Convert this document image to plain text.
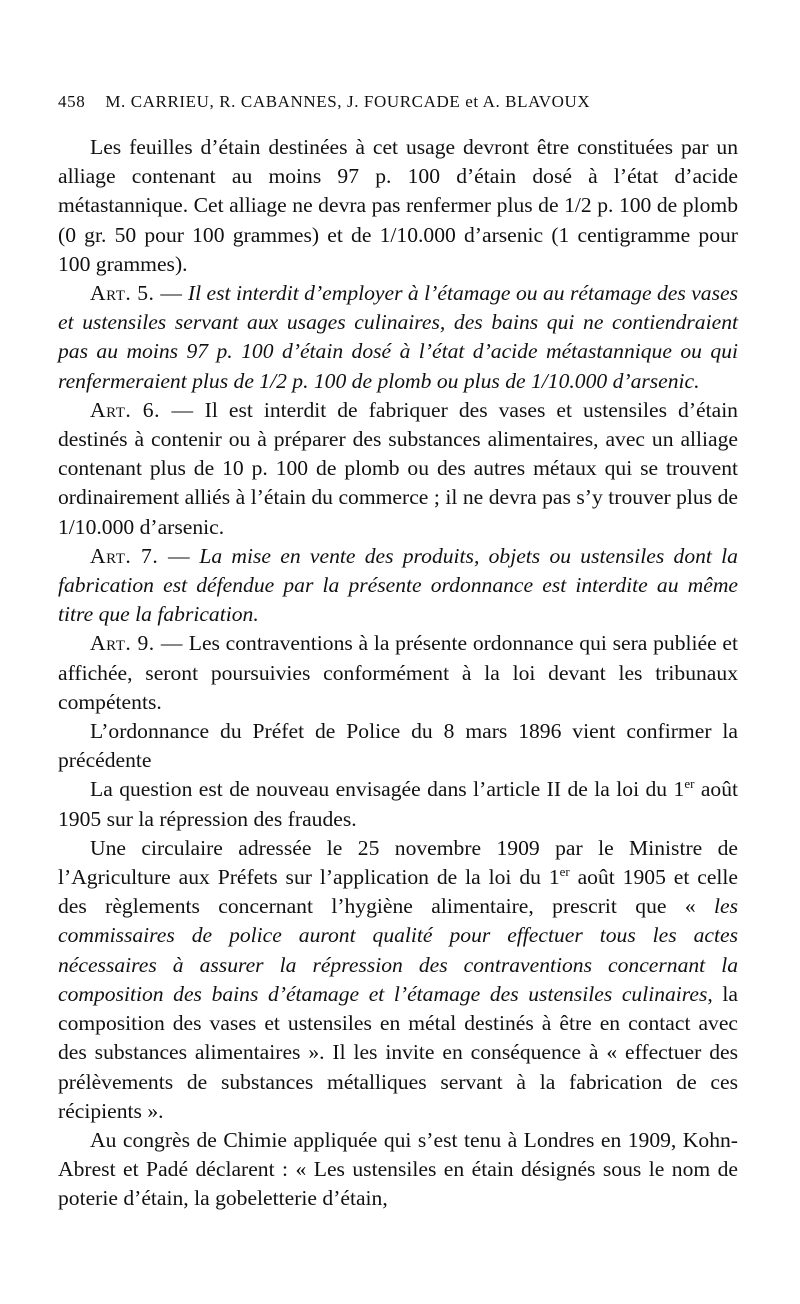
458 M. CARRIEU, R. CABANNES, J. FOURCADE et A. BLAVOUX

Les feuilles d’étain destinées à cet usage devront être constituées par un alliage contenant au moins 97 p. 100 d’étain dosé à l’état d’acide métastannique. Cet alliage ne devra pas renfermer plus de 1/2 p. 100 de plomb (0 gr. 50 pour 100 grammes) et de 1/10.000 d’arsenic (1 centigramme pour 100 grammes).

Art. 5. — Il est interdit d’employer à l’étamage ou au rétamage des vases et ustensiles servant aux usages culinaires, des bains qui ne contiendraient pas au moins 97 p. 100 d’étain dosé à l’état d’acide métastannique ou qui renfermeraient plus de 1/2 p. 100 de plomb ou plus de 1/10.000 d’arsenic.

Art. 6. — Il est interdit de fabriquer des vases et ustensiles d’étain destinés à contenir ou à préparer des substances alimentaires, avec un alliage contenant plus de 10 p. 100 de plomb ou des autres métaux qui se trouvent ordinairement alliés à l’étain du commerce ; il ne devra pas s’y trouver plus de 1/10.000 d’arsenic.

Art. 7. — La mise en vente des produits, objets ou ustensiles dont la fabrication est défendue par la présente ordonnance est interdite au même titre que la fabrication.

Art. 9. — Les contraventions à la présente ordonnance qui sera publiée et affichée, seront poursuivies conformément à la loi devant les tribunaux compétents.

L’ordonnance du Préfet de Police du 8 mars 1896 vient confirmer la précédente

La question est de nouveau envisagée dans l’article II de la loi du 1er août 1905 sur la répression des fraudes.

Une circulaire adressée le 25 novembre 1909 par le Ministre de l’Agriculture aux Préfets sur l’application de la loi du 1er août 1905 et celle des règlements concernant l’hygiène alimentaire, prescrit que « les commissaires de police auront qualité pour effectuer tous les actes nécessaires à assurer la répression des contraventions concernant la composition des bains d’étamage et l’étamage des ustensiles culinaires, la composition des vases et ustensiles en métal destinés à être en contact avec des substances alimentaires ». Il les invite en conséquence à « effectuer des prélèvements de substances métalliques servant à la fabrication de ces récipients ».

Au congrès de Chimie appliquée qui s’est tenu à Londres en 1909, Kohn-Abrest et Padé déclarent : « Les ustensiles en étain désignés sous le nom de poterie d’étain, la gobeletterie d’étain,
